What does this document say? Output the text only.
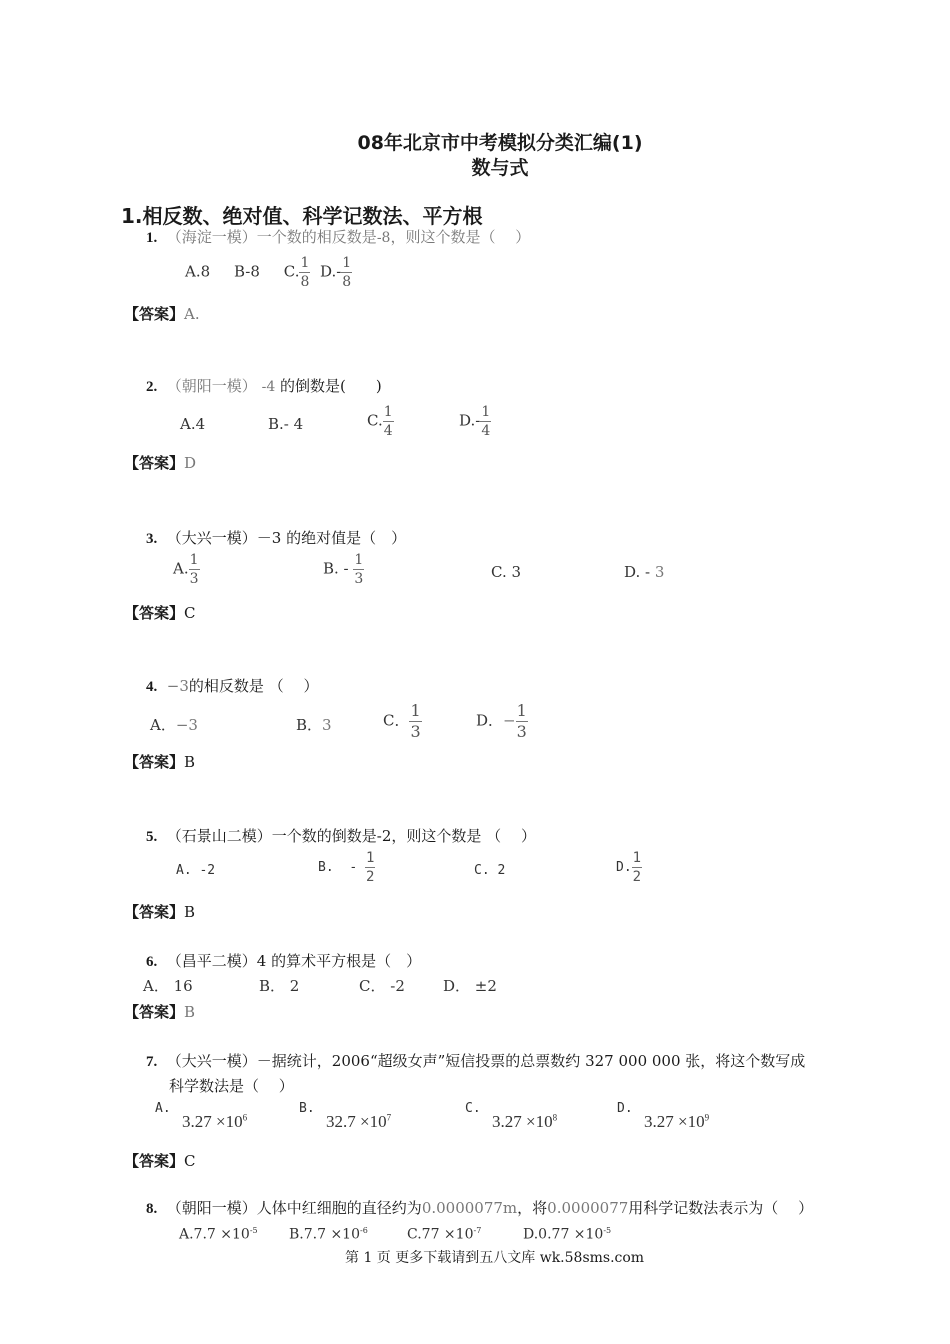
08年北京市中考模拟分类汇编(1)
数与式
1.相反数、绝对值、科学记数法、平方根
1. （海淀一模）一个数的相反数是-8，则这个数是（　 ）
A.8 B-8 C. $\frac{1}{8} D.- \frac{1}{8}$
【答案】A.
2. （朝阳一模） -4 的倒数是(　　)
A.4	B.- 4	C. $\frac{1}{4}$	$D.- \frac{1}{4}$
【答案】D
3. （大兴一模）－3 的绝对值是（　）
A. $\frac{1}{3}$	B. - $\frac{1}{3}$	C. 3	D. - 3
【答案】C
4. −3的相反数是 （　 ）
A．−3	B．3	C． $\frac{1}{3}$	D．− $\frac{1}{3}$
【答案】B
5. （石景山二模）一个数的倒数是-2，则这个数是 （　 ）
A. -2	B. - $\frac{1}{2}$	C. 2	D. $\frac{1}{2}$
【答案】B
6. （昌平二模）4 的算术平方根是（　）
A． 16	B． 2	C． -2	D． ±2
【答案】B
7. （大兴一模）－据统计，2006“超级女声”短信投票的总票数约 327 000 000 张，将这个数写成
科学数法是（　 ）
A.
$3.27 \times 10^6$
B.
$32.7 \times 10^7$
C.
$3.27 \times 10^8$
D.
$3.27 \times 10^9$
【答案】C
8. （朝阳一模）人体中红细胞的直径约为0.0000077m，将0.0000077用科学记数法表示为（　 ）
$A.7.7 \times 10^{-5}$ $B.7.7 \times 10^{-6}$	$C.77 \times 10^{-7}$	$D.0.77 \times 10^{-5}$
第 1 页 更多下载请到五八文库 wk.58sms.com
